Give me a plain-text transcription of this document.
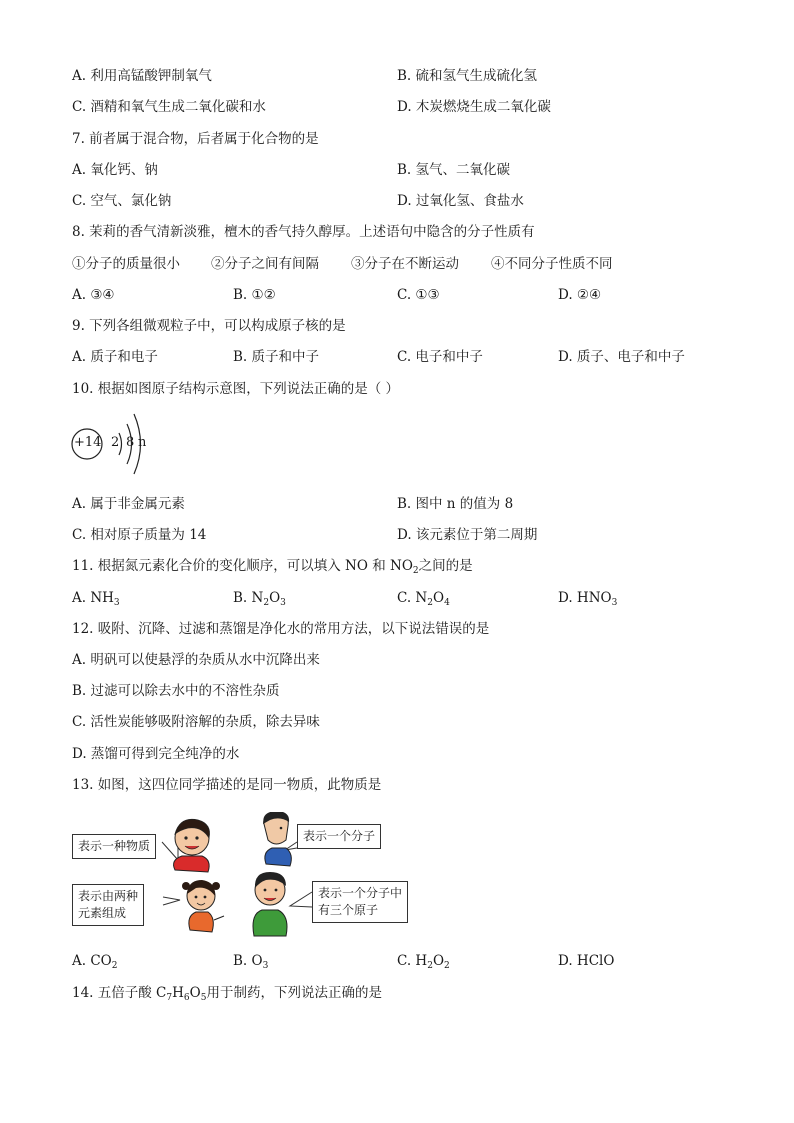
A. 利用高锰酸钾制氧气	B. 硫和氢气生成硫化氢
C. 酒精和氧气生成二氧化碳和水	D. 木炭燃烧生成二氧化碳
7. 前者属于混合物，后者属于化合物的是
A. 氧化钙、钠	B. 氢气、二氧化碳
C. 空气、氯化钠	D. 过氧化氢、食盐水
8. 茉莉的香气清新淡雅，檀木的香气持久醇厚。上述语句中隐含的分子性质有
①分子的质量很小 ②分子之间有间隔 ③分子在不断运动 ④不同分子性质不同
A. ③④	B. ①②	C. ①③	D. ②④
9. 下列各组微观粒子中，可以构成原子核的是
A. 质子和电子	B. 质子和中子	C. 电子和中子	D. 质子、电子和中子
10. 根据如图原子结构示意图，下列说法正确的是（ ）
+14 2 8 n
A. 属于非金属元素	B. 图中 n 的值为 8
C. 相对原子质量为 14	D. 该元素位于第二周期
11. 根据氮元素化合价的变化顺序，可以填入 NO 和 $NO_2$之间的是
A. $NH_3$	B. $N_2O_3$	C. $N_2O_4$	D. $HNO_3$
12. 吸附、沉降、过滤和蒸馏是净化水的常用方法，以下说法错误的是
A. 明矾可以使悬浮的杂质从水中沉降出来
B. 过滤可以除去水中的不溶性杂质
C. 活性炭能够吸附溶解的杂质，除去异味
D. 蒸馏可得到完全纯净的水
13. 如图，这四位同学描述的是同一物质，此物质是
表示一种物质
表示一个分子
表示由两种
元素组成
表示一个分子中
有三个原子
A. $CO_2$	B. $O_3$	C. $H_2O_2$	D. HClO
14. 五倍子酸 $C_7H_6O_5$用于制药，下列说法正确的是
